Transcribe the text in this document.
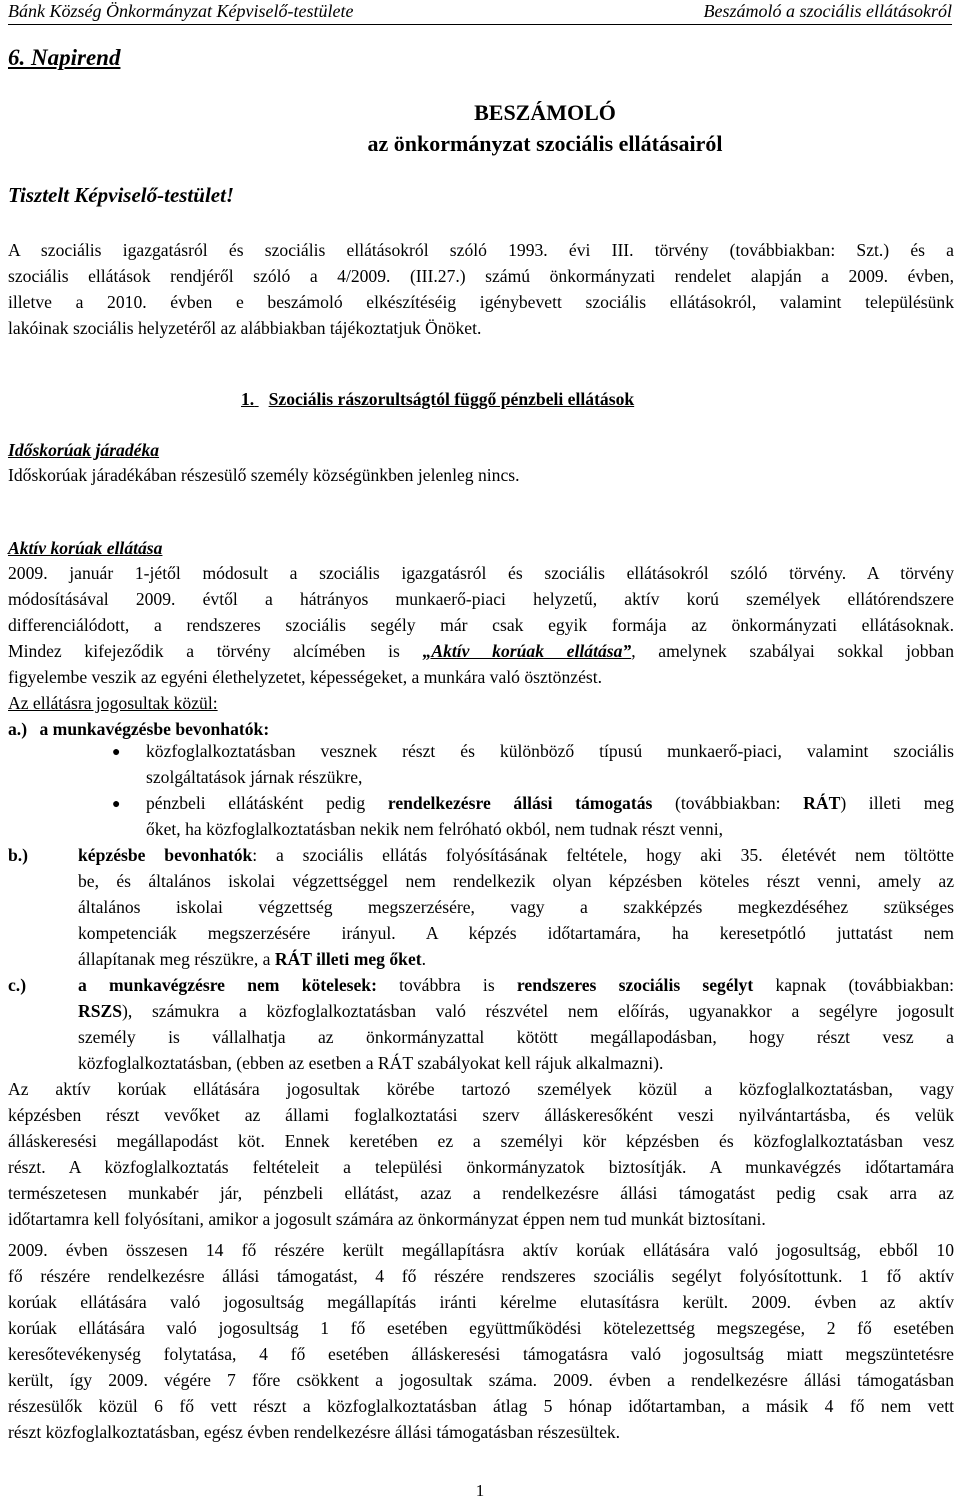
Bánk Község Önkormányzat Képviselő-testülete	Beszámoló a szociális ellátásokról
6. Napirend
BESZÁMOLÓ
az önkormányzat szociális ellátásairól
Tisztelt Képviselő-testület!
A szociális igazgatásról és szociális ellátásokról szóló 1993. évi III. törvény (továbbiakban: Szt.) és a
szociális ellátások rendjéről szóló a 4/2009. (III.27.) számú önkormányzati rendelet alapján a 2009. évben,
illetve a 2010. évben e beszámoló elkészítéséig igénybevett szociális ellátásokról, valamint településünk
lakóinak szociális helyzetéről az alábbiakban tájékoztatjuk Önöket.
1. Szociális rászorultságtól függő pénzbeli ellátások
Időskorúak járadéka
Időskorúak járadékában részesülő személy községünkben jelenleg nincs.
Aktív korúak ellátása
2009. január 1-jétől módosult a szociális igazgatásról és szociális ellátásokról szóló törvény. A törvény
módosításával 2009. évtől a hátrányos munkaerő-piaci helyzetű, aktív korú személyek ellátórendszere
differenciálódott, a rendszeres szociális segély már csak egyik formája az önkormányzati ellátásoknak.
Mindez kifejeződik a törvény alcímében is „Aktív korúak ellátása”, amelynek szabályai sokkal jobban
figyelembe veszik az egyéni élethelyzetet, képességeket, a munkára való ösztönzést.
Az ellátásra jogosultak közül:
a.) a munkavégzésbe bevonhatók:
● közfoglalkoztatásban vesznek részt és különböző típusú munkaerő-piaci, valamint szociális
szolgáltatások járnak részükre,
● pénzbeli ellátásként pedig rendelkezésre állási támogatás (továbbiakban: RÁT) illeti meg
őket, ha közfoglalkoztatásban nekik nem felróható okból, nem tudnak részt venni,
b.)	képzésbe bevonhatók: a szociális ellátás folyósításának feltétele, hogy aki 35. életévét nem töltötte
be, és általános iskolai végzettséggel nem rendelkezik olyan képzésben köteles részt venni, amely az
általános iskolai végzettség megszerzésére, vagy a szakképzés megkezdéséhez szükséges
kompetenciák megszerzésére irányul. A képzés időtartamára, ha keresetpótló juttatást nem
állapítanak meg részükre, a RÁT illeti meg őket.
c.)	a munkavégzésre nem kötelesek: továbbra is rendszeres szociális segélyt kapnak (továbbiakban:
RSZS), számukra a közfoglalkoztatásban való részvétel nem előírás, ugyanakkor a segélyre jogosult
személy is vállalhatja az önkormányzattal kötött megállapodásban, hogy részt vesz a
közfoglalkoztatásban, (ebben az esetben a RÁT szabályokat kell rájuk alkalmazni).
Az aktív korúak ellátására jogosultak körébe tartozó személyek közül a közfoglalkoztatásban, vagy
képzésben részt vevőket az állami foglalkoztatási szerv álláskeresőként veszi nyilvántartásba, és velük
álláskeresési megállapodást köt. Ennek keretében ez a személyi kör képzésben és közfoglalkoztatásban vesz
részt. A közfoglalkoztatás feltételeit a települési önkormányzatok biztosítják. A munkavégzés időtartamára
természetesen munkabér jár, pénzbeli ellátást, azaz a rendelkezésre állási támogatást pedig csak arra az
időtartamra kell folyósítani, amikor a jogosult számára az önkormányzat éppen nem tud munkát biztosítani.
2009. évben összesen 14 fő részére került megállapításra aktív korúak ellátására való jogosultság, ebből 10
fő részére rendelkezésre állási támogatást, 4 fő részére rendszeres szociális segélyt folyósítottunk. 1 fő aktív
korúak ellátására való jogosultság megállapítás iránti kérelme elutasításra került. 2009. évben az aktív
korúak ellátására való jogosultság 1 fő esetében együttműködési kötelezettség megszegése, 2 fő esetében
keresőtevékenység folytatása, 4 fő esetében álláskeresési támogatásra való jogosultság miatt megszüntetésre
került, így 2009. végére 7 főre csökkent a jogosultak száma. 2009. évben a rendelkezésre állási támogatásban
részesülők közül 6 fő vett részt a közfoglalkoztatásban átlag 5 hónap időtartamban, a másik 4 fő nem vett
részt közfoglalkoztatásban, egész évben rendelkezésre állási támogatásban részesültek.
1
